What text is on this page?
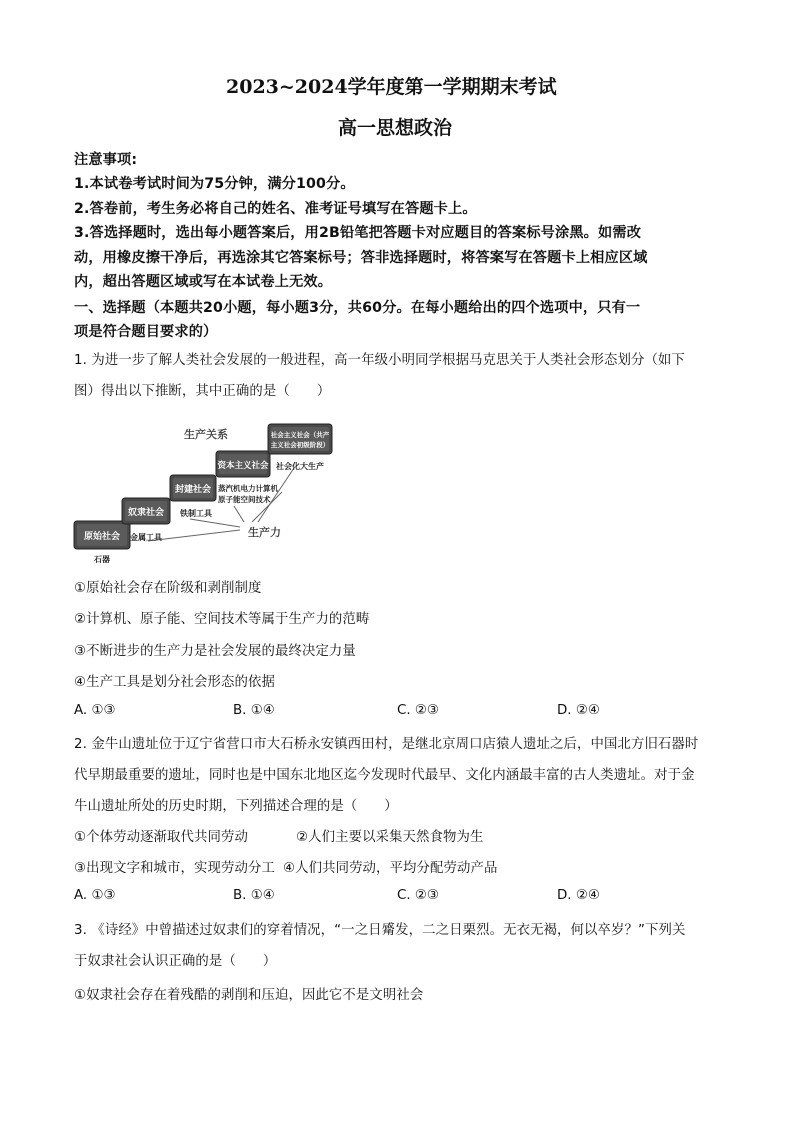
2023~2024学年度第一学期期末考试
高一思想政治
注意事项:
1.本试卷考试时间为75分钟，满分100分。
2.答卷前，考生务必将自己的姓名、准考证号填写在答题卡上。
3.答选择题时，选出每小题答案后，用2B铅笔把答题卡对应题目的答案标号涂黑。如需改
动，用橡皮擦干净后，再选涂其它答案标号；答非选择题时，将答案写在答题卡上相应区域
内，超出答题区域或写在本试卷上无效。
一、选择题（本题共20小题，每小题3分，共60分。在每小题给出的四个选项中，只有一
项是符合题目要求的）
1. 为进一步了解人类社会发展的一般进程，高一年级小明同学根据马克思关于人类社会形态划分（如下
图）得出以下推断，其中正确的是（　　）
原始社会
奴隶社会
封建社会
资本主义社会
社会主义社会（共产
主义社会初级阶段）
生产关系
生产力
石器
金属工具
铁制工具
蒸汽机电力计算机
原子能空间技术
社会化大生产
①原始社会存在阶级和剥削制度
②计算机、原子能、空间技术等属于生产力的范畴
③不断进步的生产力是社会发展的最终决定力量
④生产工具是划分社会形态的依据
A. ①③	B. ①④	C. ②③	D. ②④
2. 金牛山遗址位于辽宁省营口市大石桥永安镇西田村，是继北京周口店猿人遗址之后，中国北方旧石器时
代早期最重要的遗址，同时也是中国东北地区迄今发现时代最早、文化内涵最丰富的古人类遗址。对于金
牛山遗址所处的历史时期，下列描述合理的是（　　）
①个体劳动逐渐取代共同劳动	②人们主要以采集天然食物为生
③出现文字和城市，实现劳动分工 ④人们共同劳动，平均分配劳动产品
A. ①③	B. ①④	C. ②③	D. ②④
3. 《诗经》中曾描述过奴隶们的穿着情况，“一之日觱发，二之日栗烈。无衣无褐，何以卒岁？”下列关
于奴隶社会认识正确的是（　　）
①奴隶社会存在着残酷的剥削和压迫，因此它不是文明社会
